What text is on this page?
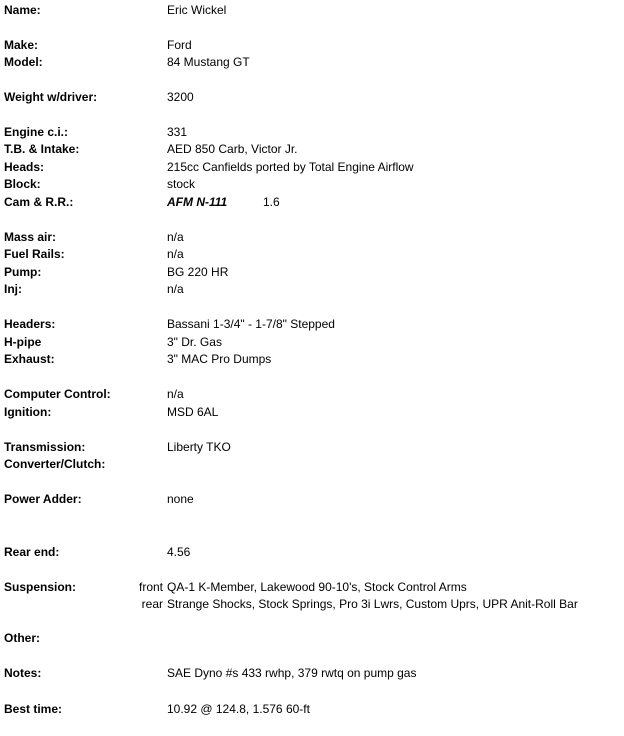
Name:	Eric Wickel
Make:	Ford
Model:	84 Mustang GT
Weight w/driver:	3200
Engine c.i.:	331
T.B. & Intake:	AED 850 Carb, Victor Jr.
Heads:	215cc Canfields ported by Total Engine Airflow
Block:	stock
Cam & R.R.:	AFM N-111	1.6
Mass air:	n/a
Fuel Rails:	n/a
Pump:	BG 220 HR
Inj:	n/a
Headers:	Bassani 1-3/4" - 1-7/8" Stepped
H-pipe	3" Dr. Gas
Exhaust:	3" MAC Pro Dumps
Computer Control:	n/a
Ignition:	MSD 6AL
Transmission:	Liberty TKO
Converter/Clutch:
Power Adder:	none
Rear end:	4.56
Suspension:	front QA-1 K-Member, Lakewood 90-10's, Stock Control Arms
rear Strange Shocks, Stock Springs, Pro 3i Lwrs, Custom Uprs, UPR Anit-Roll Bar
Other:
Notes:	SAE Dyno #s 433 rwhp, 379 rwtq on pump gas
Best time:	10.92 @ 124.8, 1.576 60-ft
